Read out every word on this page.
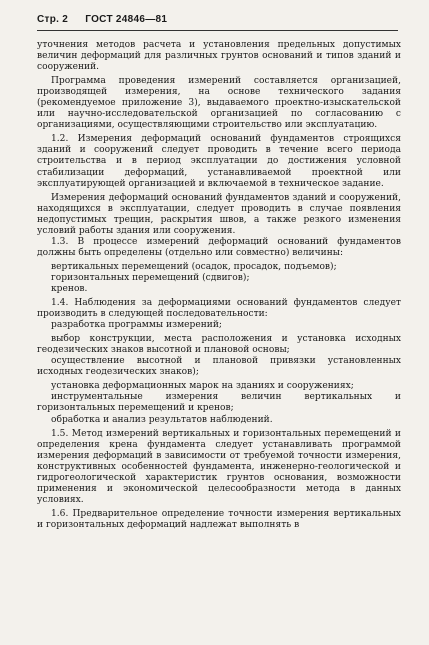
Стр. 2 ГОСТ 24846—81

уточнения методов расчета и установления предельных допустимых величин деформаций для различных грунтов оснований и типов зданий и сооружений.

Программа проведения измерений составляется организацией, производящей измерения, на основе технического задания (рекомендуемое приложение 3), выдаваемого проектно-изыскательской или научно-исследовательской организацией по согласованию с организациями, осуществляющими строительство или эксплуатацию.

1.2. Измерения деформаций оснований фундаментов строящихся зданий и сооружений следует проводить в течение всего периода строительства и в период эксплуатации до достижения условной стабилизации деформаций, устанавливаемой проектной или эксплуатирующей организацией и включаемой в техническое задание.

Измерения деформаций оснований фундаментов зданий и сооружений, находящихся в эксплуатации, следует проводить в случае появления недопустимых трещин, раскрытия швов, а также резкого изменения условий работы здания или сооружения.

1.3. В процессе измерений деформаций оснований фундаментов должны быть определены (отдельно или совместно) величины:

вертикальных перемещений (осадок, просадок, подъемов);

горизонтальных перемещений (сдвигов);

кренов.

1.4. Наблюдения за деформациями оснований фундаментов следует производить в следующей последовательности:

разработка программы измерений;

выбор конструкции, места расположения и установка исходных геодезических знаков высотной и плановой основы;

осуществление высотной и плановой привязки установленных исходных геодезических знаков);

установка деформационных марок на зданиях и сооружениях;

инструментальные измерения величин вертикальных и горизонтальных перемещений и кренов;

обработка и анализ результатов наблюдений.

1.5. Метод измерений вертикальных и горизонтальных перемещений и определения крена фундамента следует устанавливать программой измерения деформаций в зависимости от требуемой точности измерения, конструктивных особенностей фундамента, инженерно-геологической и гидрогеологической характеристик грунтов основания, возможности применения и экономической целесообразности метода в данных условиях.

1.6. Предварительное определение точности измерения вертикальных и горизонтальных деформаций надлежат выполнять в
